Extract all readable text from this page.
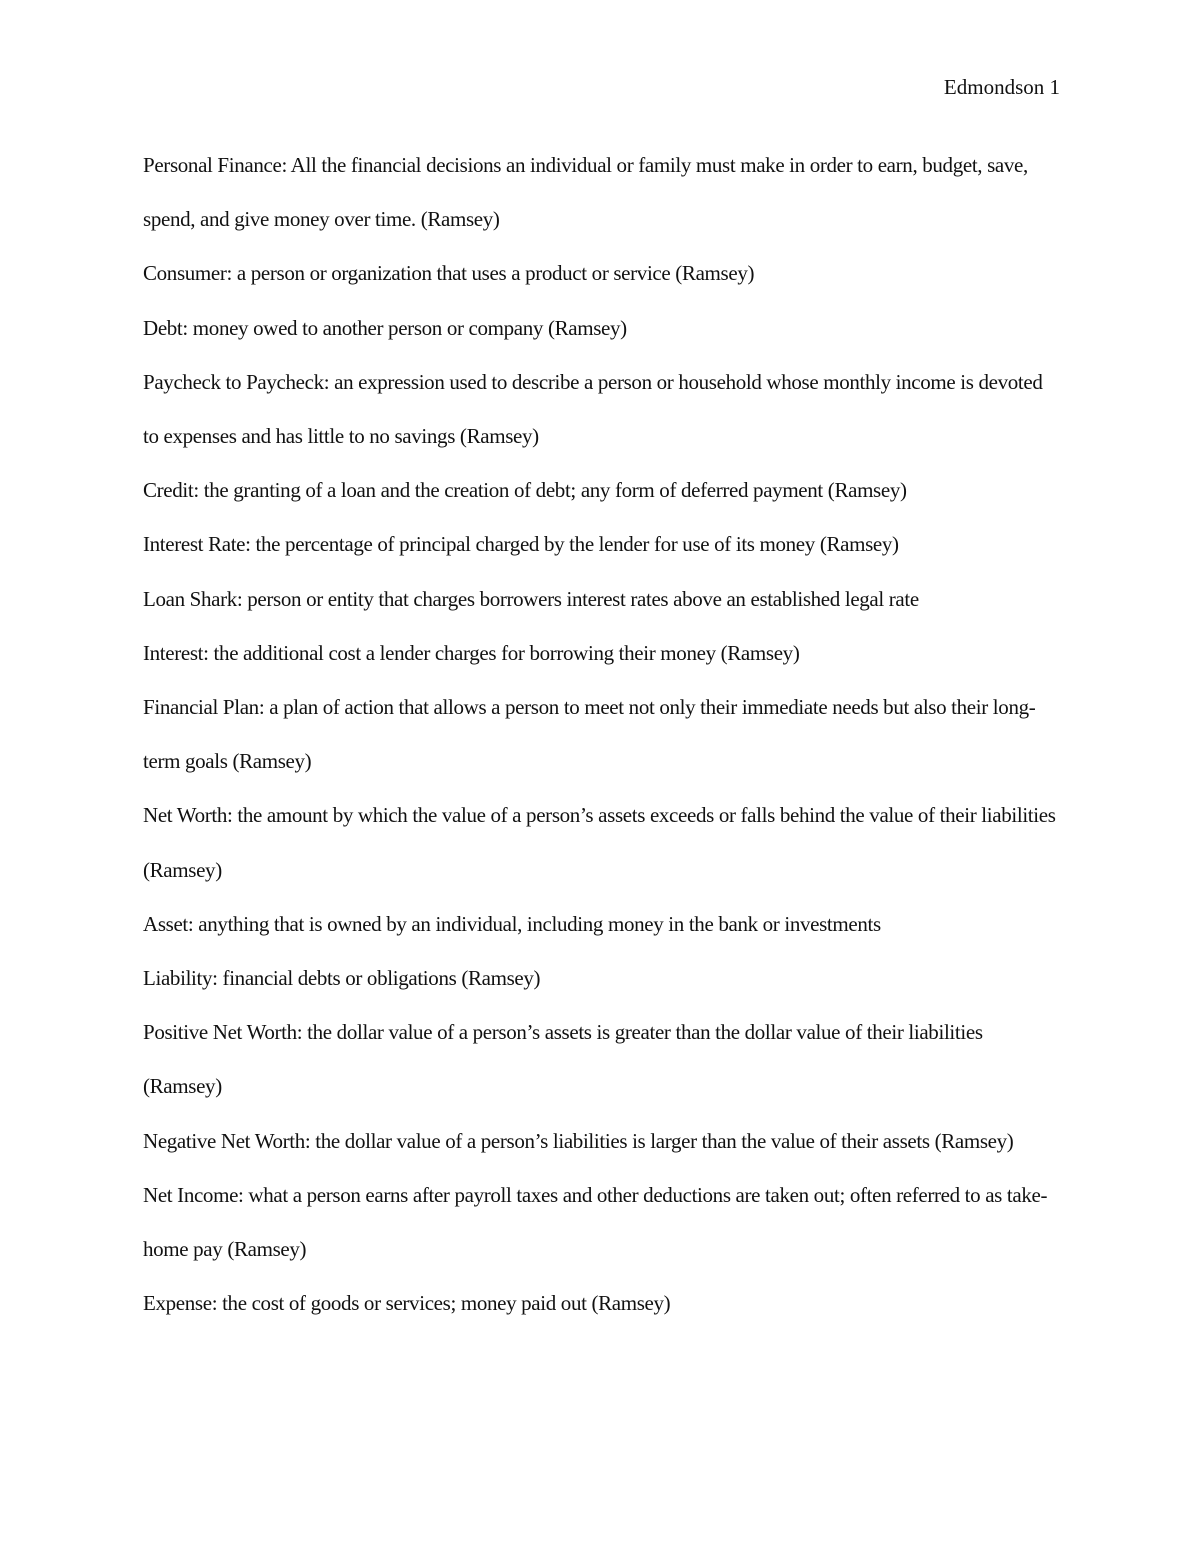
Edmondson 1

Personal Finance: All the financial decisions an individual or family must make in order to earn, budget, save, spend, and give money over time. (Ramsey)

Consumer: a person or organization that uses a product or service (Ramsey)

Debt: money owed to another person or company (Ramsey)

Paycheck to Paycheck: an expression used to describe a person or household whose monthly income is devoted to expenses and has little to no savings (Ramsey)

Credit: the granting of a loan and the creation of debt; any form of deferred payment (Ramsey)

Interest Rate: the percentage of principal charged by the lender for use of its money (Ramsey)

Loan Shark: person or entity that charges borrowers interest rates above an established legal rate

Interest: the additional cost a lender charges for borrowing their money (Ramsey)

Financial Plan: a plan of action that allows a person to meet not only their immediate needs but also their long-term goals (Ramsey)

Net Worth: the amount by which the value of a person’s assets exceeds or falls behind the value of their liabilities (Ramsey)

Asset: anything that is owned by an individual, including money in the bank or investments

Liability: financial debts or obligations (Ramsey)

Positive Net Worth: the dollar value of a person’s assets is greater than the dollar value of their liabilities (Ramsey)

Negative Net Worth: the dollar value of a person’s liabilities is larger than the value of their assets (Ramsey)

Net Income: what a person earns after payroll taxes and other deductions are taken out; often referred to as take-home pay (Ramsey)

Expense: the cost of goods or services; money paid out (Ramsey)
